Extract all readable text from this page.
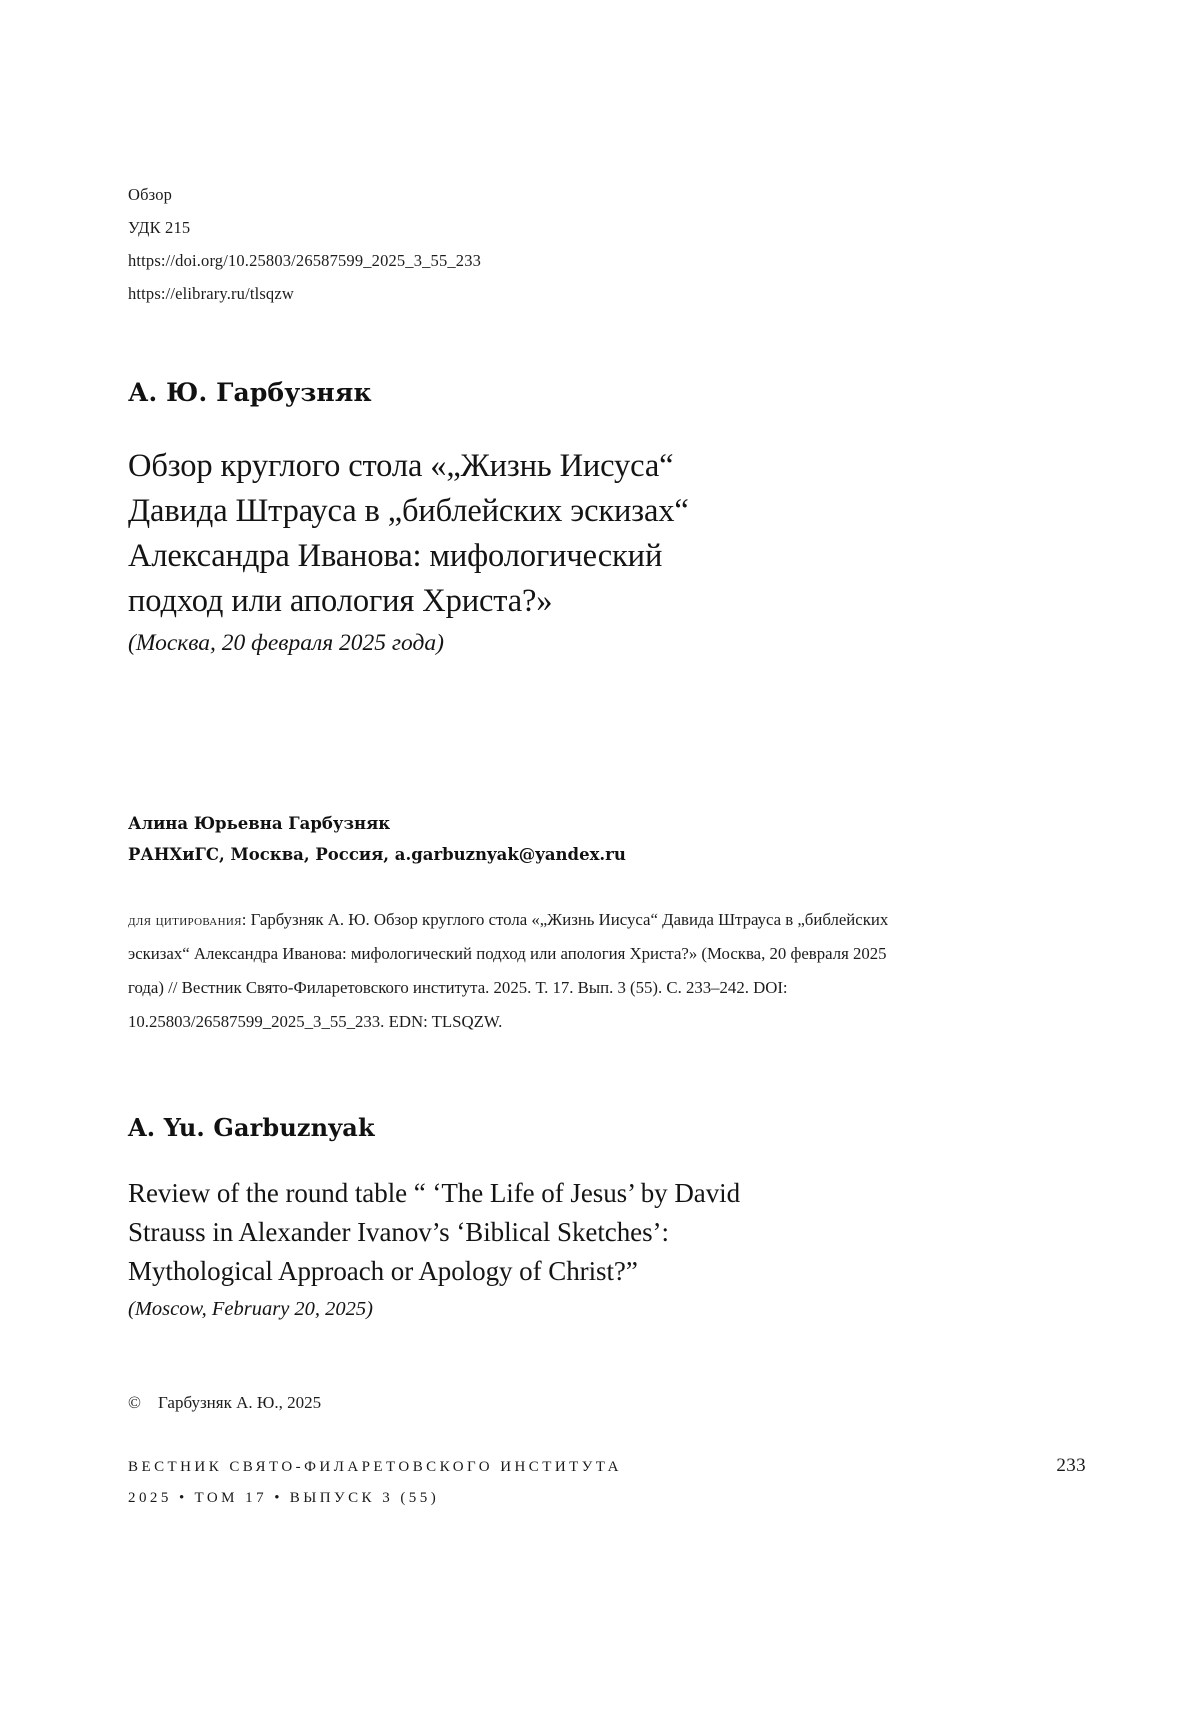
Обзор
УДК 215
https://doi.org/10.25803/26587599_2025_3_55_233
https://elibrary.ru/tlsqzw
А. Ю. Гарбузняк
Обзор круглого стола «„Жизнь Иисуса“
Давида Штрауса в „библейских эскизах“
Александра Иванова: мифологический
подход или апология Христа?»
(Москва, 20 февраля 2025 года)
Алина Юрьевна Гарбузняк
РАНХиГС, Москва, Россия, a.garbuznyak@yandex.ru
для цитирования: Гарбузняк А. Ю. Обзор круглого стола «„Жизнь Иисуса“ Давида Штрауса в „библейских эскизах“ Александра Иванова: мифологический подход или апология Христа?» (Москва, 20 февраля 2025 года) // Вестник Свято-Филаретовского института. 2025. Т. 17. Вып. 3 (55). С. 233–242. DOI: 10.25803/26587599_2025_3_55_233. EDN: TLSQZW.
A. Yu. Garbuznyak
Review of the round table “ ‘The Life of Jesus’ by David
Strauss in Alexander Ivanov’s ‘Biblical Sketches’:
Mythological Approach or Apology of Christ?”
(Moscow, February 20, 2025)
© Гарбузняк А. Ю., 2025
ВЕСТНИК СВЯТО-ФИЛАРЕТОВСКОГО ИНСТИТУТА
2025 • ТОМ 17 • ВЫПУСК 3 (55)
233
